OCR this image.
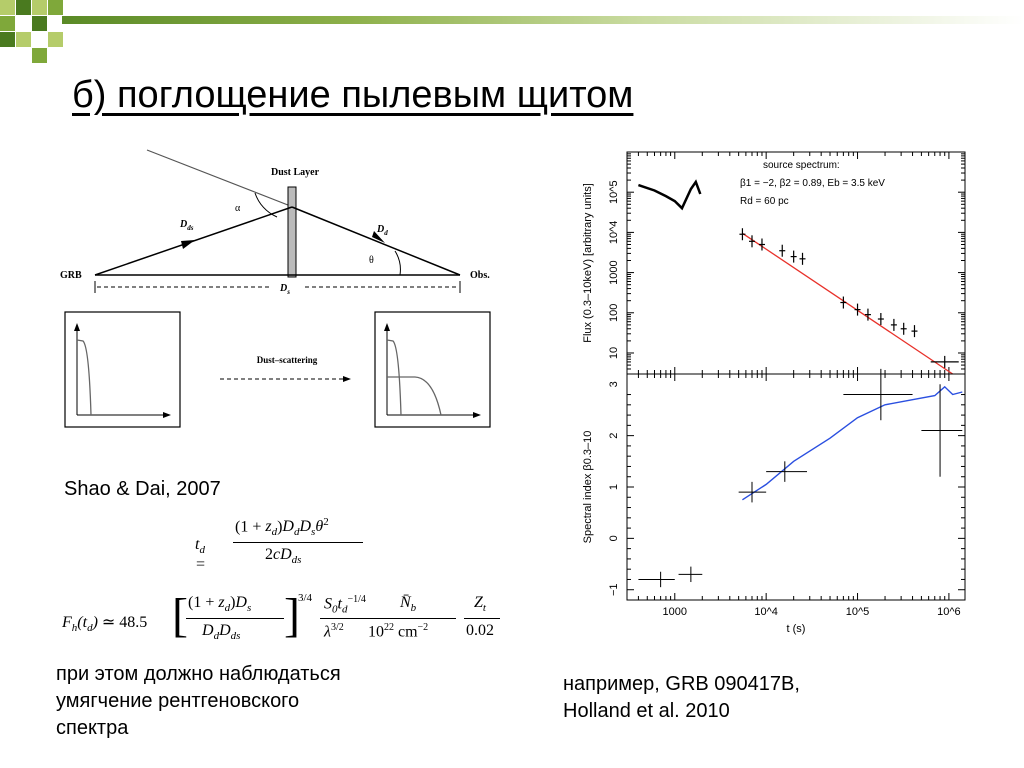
б) поглощение пылевым щитом
Dust Layer
$D_{ds}$	$D_d$
GRB	Obs.
α
θ
$D_s$
Dust–scattering
Shao & Dai, 2007
$t_d$ =
$(1 + z_d)D_dD_s\theta^2$
$2cD_{ds}$
$F_h(t_d)$ ≃ 48.5 [ $(1 + z_d)D_s$
$D_dD_{ds}$ ]
3/4 $S_0t_d^{-1/4}$
$\lambda^{3/2}$
$N̄_b$
$10^{22}$ $cm^{-2}$
$Z_t$
0.02
при этом должно наблюдаться
умягчение рентгеновского
спектра
например, GRB 090417B,
Holland et al. 2010
10
100
1000
10^4
10^5
source spectrum:
β1 = −2, β2 = 0.89, Eb = 3.5 keV
Rd = 60 pc
1000	10^4	10^5	10^6
−1
0
1
2
3
Flux (0.3–10keV) [arbitrary units]
Spectral index β0.3–10
t (s)
